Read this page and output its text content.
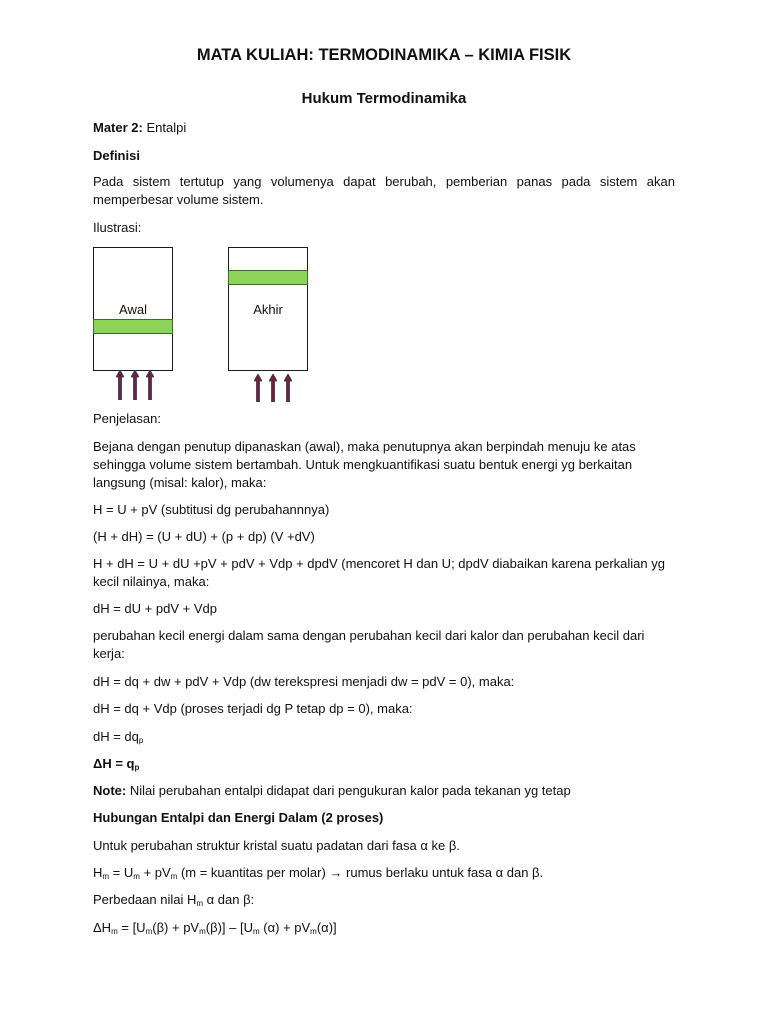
MATA KULIAH: TERMODINAMIKA – KIMIA FISIK
Hukum Termodinamika

Mater 2: Entalpi

Definisi

Pada sistem tertutup yang volumenya dapat berubah, pemberian panas pada sistem akan memperbesar volume sistem.

Ilustrasi:

Awal	Akhir

Penjelasan:

Bejana dengan penutup dipanaskan (awal), maka penutupnya akan berpindah menuju ke atas sehingga volume sistem bertambah. Untuk mengkuantifikasi suatu bentuk energi yg berkaitan langsung (misal: kalor), maka:

H = U + pV (subtitusi dg perubahannnya)

(H + dH) = (U + dU) + (p + dp) (V +dV)

H + dH = U + dU +pV + pdV + Vdp + dpdV (mencoret H dan U; dpdV diabaikan karena perkalian yg kecil nilainya, maka:

dH = dU + pdV + Vdp

perubahan kecil energi dalam sama dengan perubahan kecil dari kalor dan perubahan kecil dari kerja:

dH = dq + dw + pdV + Vdp (dw terekspresi menjadi dw = pdV = 0), maka:

dH = dq + Vdp (proses terjadi dg P tetap dp = 0), maka:

dH = $dq_p$

$\Delta H = q_p$

Note: Nilai perubahan entalpi didapat dari pengukuran kalor pada tekanan yg tetap

Hubungan Entalpi dan Energi Dalam (2 proses)

Untuk perubahan struktur kristal suatu padatan dari fasa α ke β.

$H_m = U_m + pV_m$ (m = kuantitas per molar) → rumus berlaku untuk fasa α dan β.

Perbedaan nilai $H_m$ α dan β:

$\Delta H_m = [U_m(\beta) + pV_m(\beta)] - [U_m$ $(\alpha) + pV_m(\alpha)$]
